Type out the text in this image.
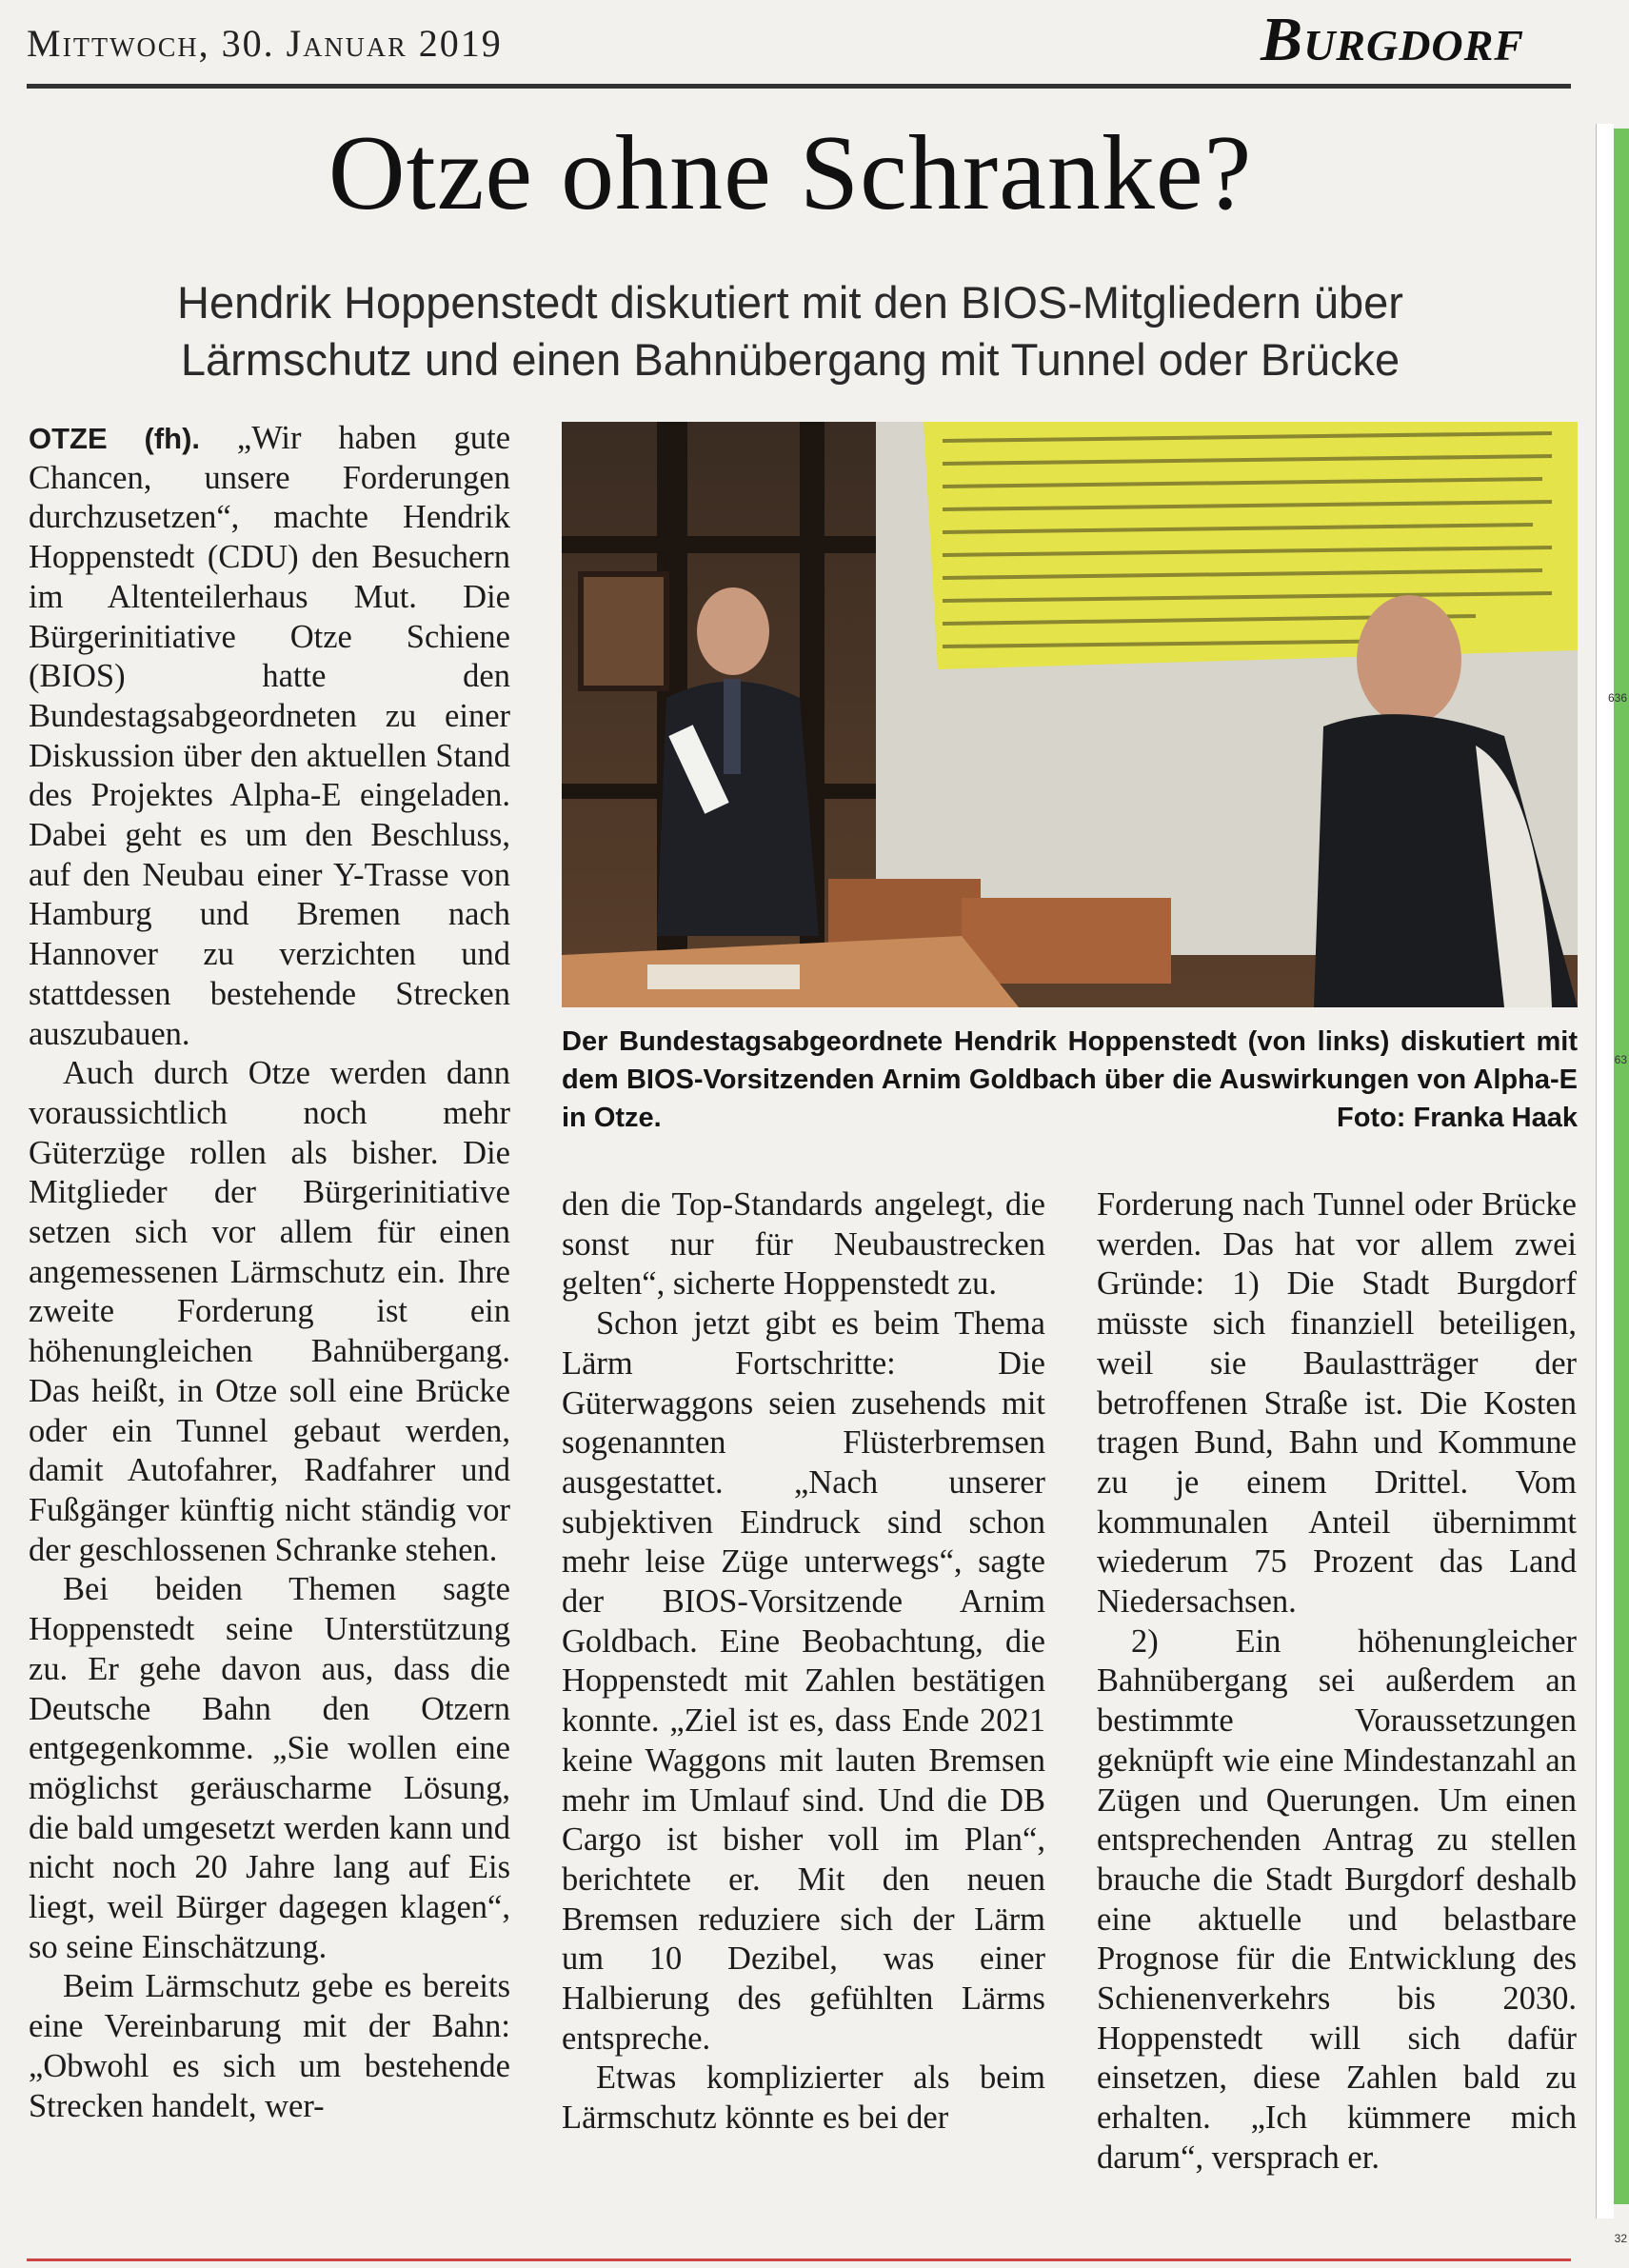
Mittwoch, 30. Januar 2019	Burgdorf
636
63
32
Otze ohne Schranke?
Hendrik Hoppenstedt diskutiert mit den BIOS-Mitgliedern über
Lärmschutz und einen Bahnübergang mit Tunnel oder Brücke

OTZE (fh). „Wir haben gute Chancen, unsere Forderungen durchzusetzen“, machte Hendrik Hoppenstedt (CDU) den Besuchern im Altenteilerhaus Mut. Die Bürgerinitiative Otze Schiene (BIOS) hatte den Bundestagsabgeordneten zu einer Diskussion über den aktuellen Stand des Projektes Alpha-E eingeladen. Dabei geht es um den Beschluss, auf den Neubau einer Y-Trasse von Hamburg und Bremen nach Hannover zu verzichten und stattdessen bestehende Strecken auszubauen.

Auch durch Otze werden dann voraussichtlich noch mehr Güterzüge rollen als bisher. Die Mitglieder der Bürgerinitiative setzen sich vor allem für einen angemessenen Lärmschutz ein. Ihre zweite Forderung ist ein höhenungleichen Bahnübergang. Das heißt, in Otze soll eine Brücke oder ein Tunnel gebaut werden, damit Autofahrer, Radfahrer und Fußgänger künftig nicht ständig vor der geschlossenen Schranke stehen.

Bei beiden Themen sagte Hoppenstedt seine Unterstützung zu. Er gehe davon aus, dass die Deutsche Bahn den Otzern entgegenkomme. „Sie wollen eine möglichst geräuscharme Lösung, die bald umgesetzt werden kann und nicht noch 20 Jahre lang auf Eis liegt, weil Bürger dagegen klagen“, so seine Einschätzung.

Beim Lärmschutz gebe es bereits eine Vereinbarung mit der Bahn: „Obwohl es sich um bestehende Strecken handelt, wer-

Der Bundestagsabgeordnete Hendrik Hoppenstedt (von links) diskutiert mit dem BIOS-Vorsitzenden Arnim Goldbach über die Auswirkungen von Alpha-E in Otze.	Foto: Franka Haak

den die Top-Standards angelegt, die sonst nur für Neubaustrecken gelten“, sicherte Hoppenstedt zu.

Schon jetzt gibt es beim Thema Lärm Fortschritte: Die Güterwaggons seien zusehends mit sogenannten Flüsterbremsen ausgestattet. „Nach unserer subjektiven Eindruck sind schon mehr leise Züge unterwegs“, sagte der BIOS-Vorsitzende Arnim Goldbach. Eine Beobachtung, die Hoppenstedt mit Zahlen bestätigen konnte. „Ziel ist es, dass Ende 2021 keine Waggons mit lauten Bremsen mehr im Umlauf sind. Und die DB Cargo ist bisher voll im Plan“, berichtete er. Mit den neuen Bremsen reduziere sich der Lärm um 10 Dezibel, was einer Halbierung des gefühlten Lärms entspreche.

Etwas komplizierter als beim Lärmschutz könnte es bei der

Forderung nach Tunnel oder Brücke werden. Das hat vor allem zwei Gründe: 1) Die Stadt Burgdorf müsste sich finanziell beteiligen, weil sie Baulastträger der betroffenen Straße ist. Die Kosten tragen Bund, Bahn und Kommune zu je einem Drittel. Vom kommunalen Anteil übernimmt wiederum 75 Prozent das Land Niedersachsen.

2) Ein höhenungleicher Bahnübergang sei außerdem an bestimmte Voraussetzungen geknüpft wie eine Mindestanzahl an Zügen und Querungen. Um einen entsprechenden Antrag zu stellen brauche die Stadt Burgdorf deshalb eine aktuelle und belastbare Prognose für die Entwicklung des Schienenverkehrs bis 2030. Hoppenstedt will sich dafür einsetzen, diese Zahlen bald zu erhalten. „Ich kümmere mich darum“, versprach er.
